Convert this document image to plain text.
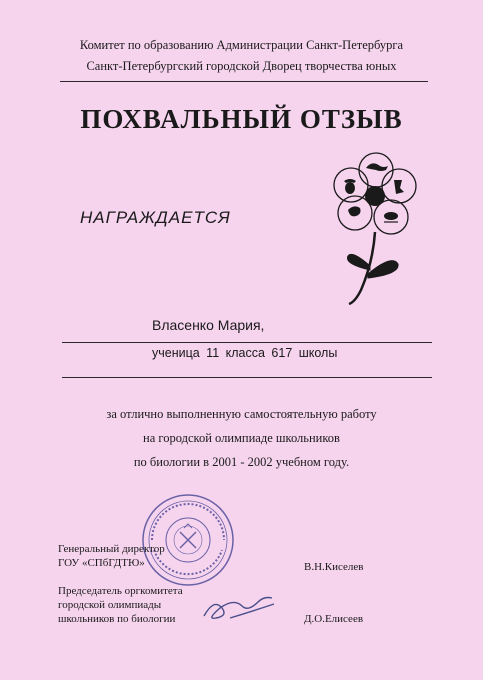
Комитет по образованию Администрации Санкт-Петербурга
Санкт-Петербургский городской Дворец творчества юных
ПОХВАЛЬНЫЙ ОТЗЫВ
НАГРАЖДАЕТСЯ
Власенко Мария,
ученица 11 класса 617 школы
за отлично выполненную самостоятельную работу
на городской олимпиаде школьников
по биологии в 2001 - 2002 учебном году.
Генеральный директор
ГОУ «СПбГДТЮ»	В.Н.Киселев
Председатель оргкомитета
городской олимпиады
школьников по биологии	Д.О.Елисеев
